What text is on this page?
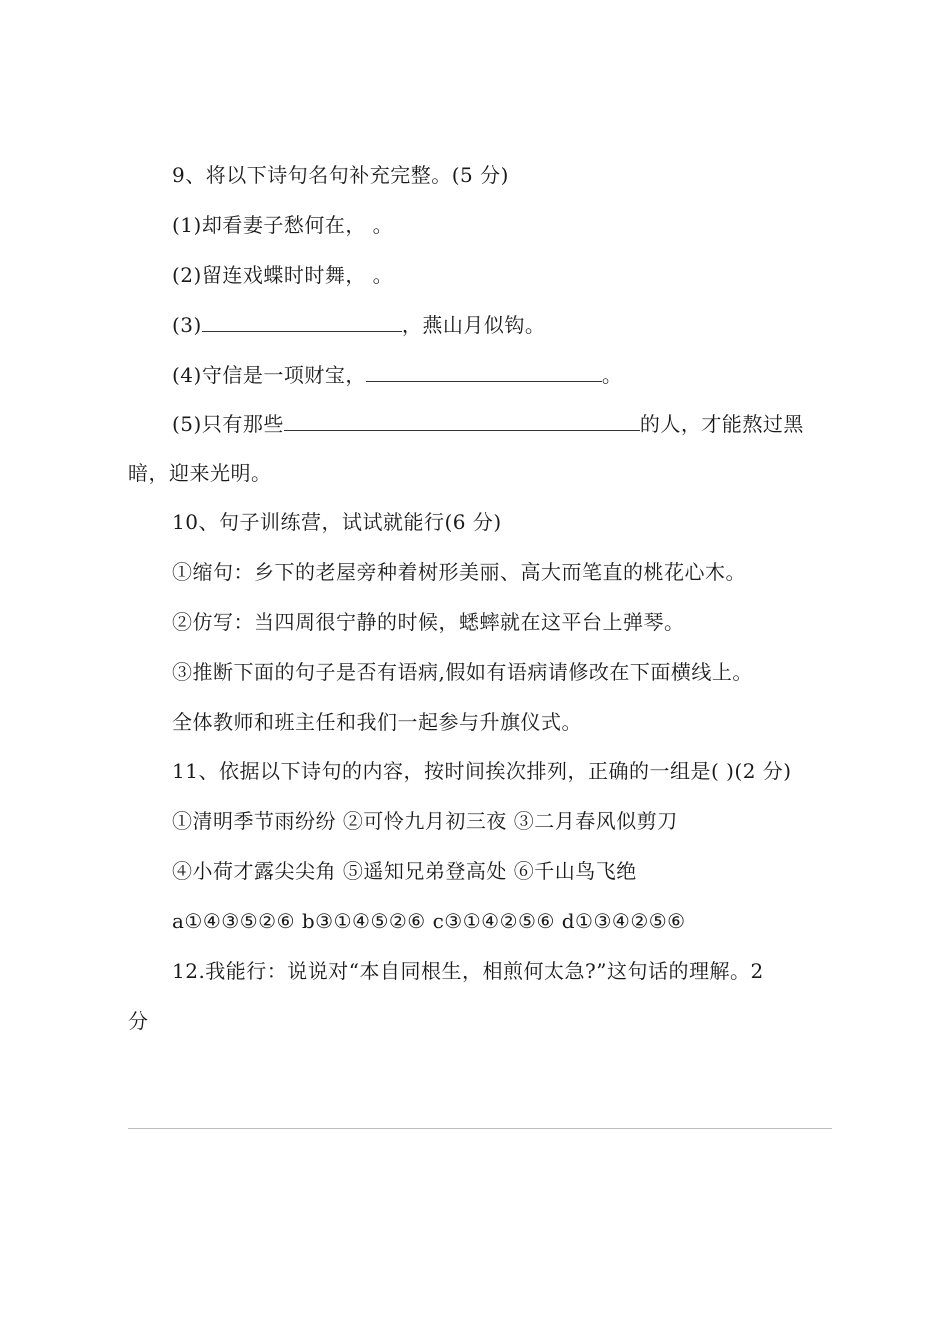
9、将以下诗句名句补充完整。(5 分)
(1)却看妻子愁何在， 。
(2)留连戏蝶时时舞， 。
(3)	，燕山月似钩。
(4)守信是一项财宝，	。
(5)只有那些	的人，才能熬过黑
暗，迎来光明。
10、句子训练营，试试就能行(6 分)
①缩句：乡下的老屋旁种着树形美丽、高大而笔直的桃花心木。
②仿写：当四周很宁静的时候，蟋蟀就在这平台上弹琴。
③推断下面的句子是否有语病,假如有语病请修改在下面横线上。
全体教师和班主任和我们一起参与升旗仪式。
11、依据以下诗句的内容，按时间挨次排列，正确的一组是( )(2 分)
①清明季节雨纷纷 ②可怜九月初三夜 ③二月春风似剪刀
④小荷才露尖尖角 ⑤遥知兄弟登高处 ⑥千山鸟飞绝
a①④③⑤②⑥ b③①④⑤②⑥ c③①④②⑤⑥ d①③④②⑤⑥
12.我能行：说说对“本自同根生，相煎何太急?”这句话的理解。2
分
